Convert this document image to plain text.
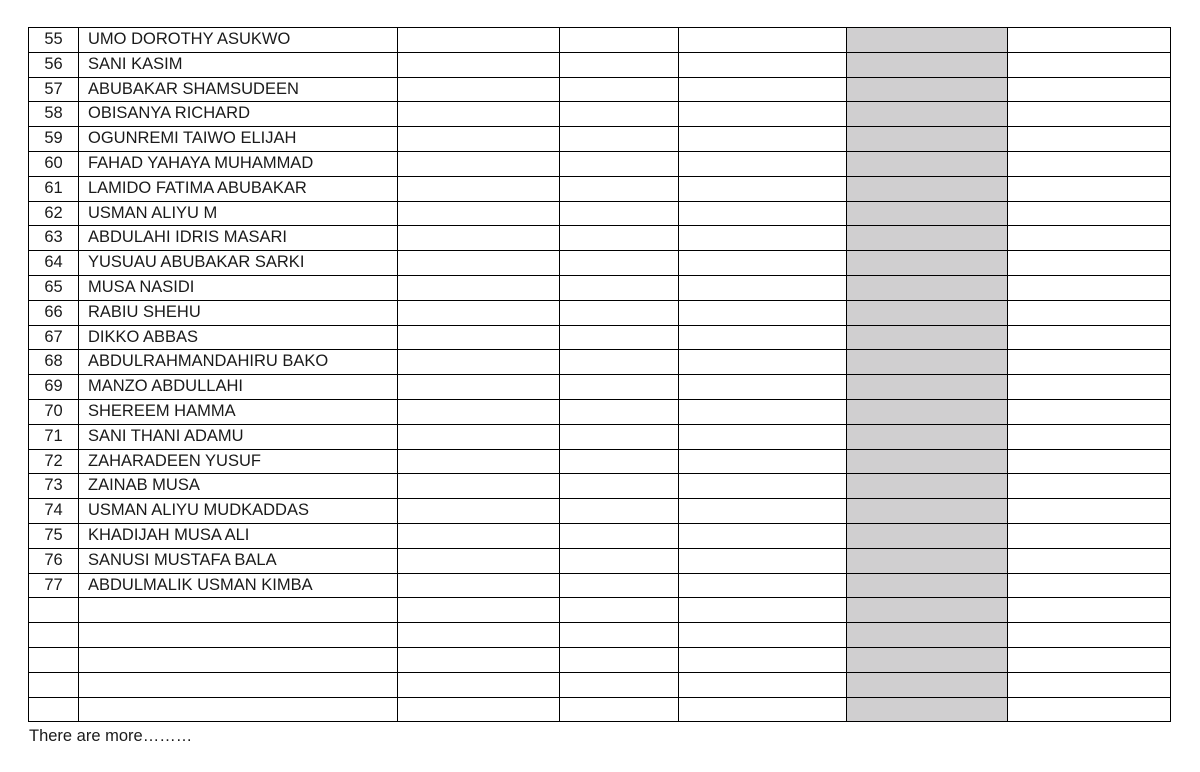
55	UMO DOROTHY ASUKWO					
56	SANI KASIM					
57	ABUBAKAR SHAMSUDEEN					
58	OBISANYA RICHARD					
59	OGUNREMI TAIWO ELIJAH					
60	FAHAD YAHAYA MUHAMMAD					
61	LAMIDO FATIMA ABUBAKAR					
62	USMAN ALIYU M					
63	ABDULAHI IDRIS MASARI					
64	YUSUAU ABUBAKAR SARKI					
65	MUSA NASIDI					
66	RABIU SHEHU					
67	DIKKO ABBAS					
68	ABDULRAHMANDAHIRU BAKO					
69	MANZO ABDULLAHI					
70	SHEREEM HAMMA					
71	SANI THANI ADAMU					
72	ZAHARADEEN YUSUF					
73	ZAINAB MUSA					
74	USMAN ALIYU MUDKADDAS					
75	KHADIJAH MUSA ALI					
76	SANUSI MUSTAFA BALA					
77	ABDULMALIK USMAN KIMBA					

There are more………
